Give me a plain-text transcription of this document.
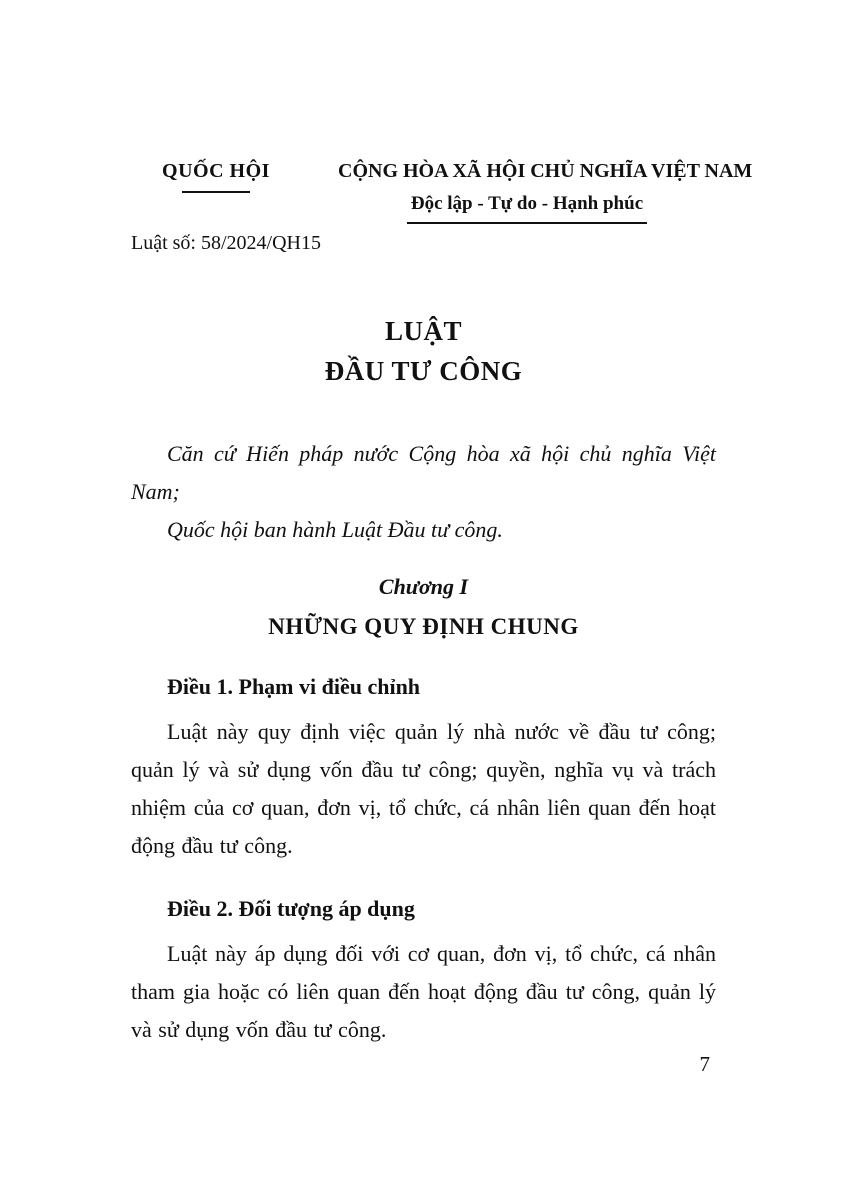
QUỐC HỘI	CỘNG HÒA XÃ HỘI CHỦ NGHĨA VIỆT NAM
Độc lập - Tự do - Hạnh phúc
Luật số: 58/2024/QH15
LUẬT
ĐẦU TƯ CÔNG

Căn cứ Hiến pháp nước Cộng hòa xã hội chủ nghĩa Việt Nam;

Quốc hội ban hành Luật Đầu tư công.

Chương I
NHỮNG QUY ĐỊNH CHUNG
Điều 1. Phạm vi điều chỉnh

Luật này quy định việc quản lý nhà nước về đầu tư công; quản lý và sử dụng vốn đầu tư công; quyền, nghĩa vụ và trách nhiệm của cơ quan, đơn vị, tổ chức, cá nhân liên quan đến hoạt động đầu tư công.

Điều 2. Đối tượng áp dụng

Luật này áp dụng đối với cơ quan, đơn vị, tổ chức, cá nhân tham gia hoặc có liên quan đến hoạt động đầu tư công, quản lý và sử dụng vốn đầu tư công.

7
